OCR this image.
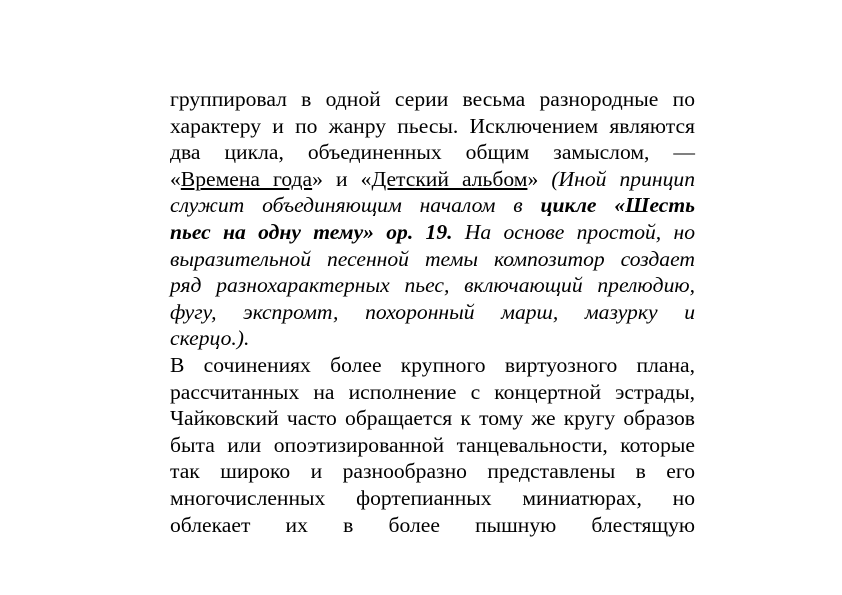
группировал в одной серии весьма разнородные по
характеру и по жанру пьесы. Исключением являются
два цикла, объединенных общим замыслом, —
«Времена года» и «Детский альбом» (Иной принцип
служит объединяющим началом в цикле «Шесть
пьес на одну тему» ор. 19. На основе простой, но
выразительной песенной темы композитор создает
ряд разнохарактерных пьес, включающий прелюдию,
фугу, экспромт, похоронный марш, мазурку и
скерцо.).
В сочинениях более крупного виртуозного плана,
рассчитанных на исполнение с концертной эстрады,
Чайковский часто обращается к тому же кругу образов
быта или опоэтизированной танцевальности, которые
так широко и разнообразно представлены в его
многочисленных фортепианных миниатюрах, но
облекает их в более пышную блестящую
